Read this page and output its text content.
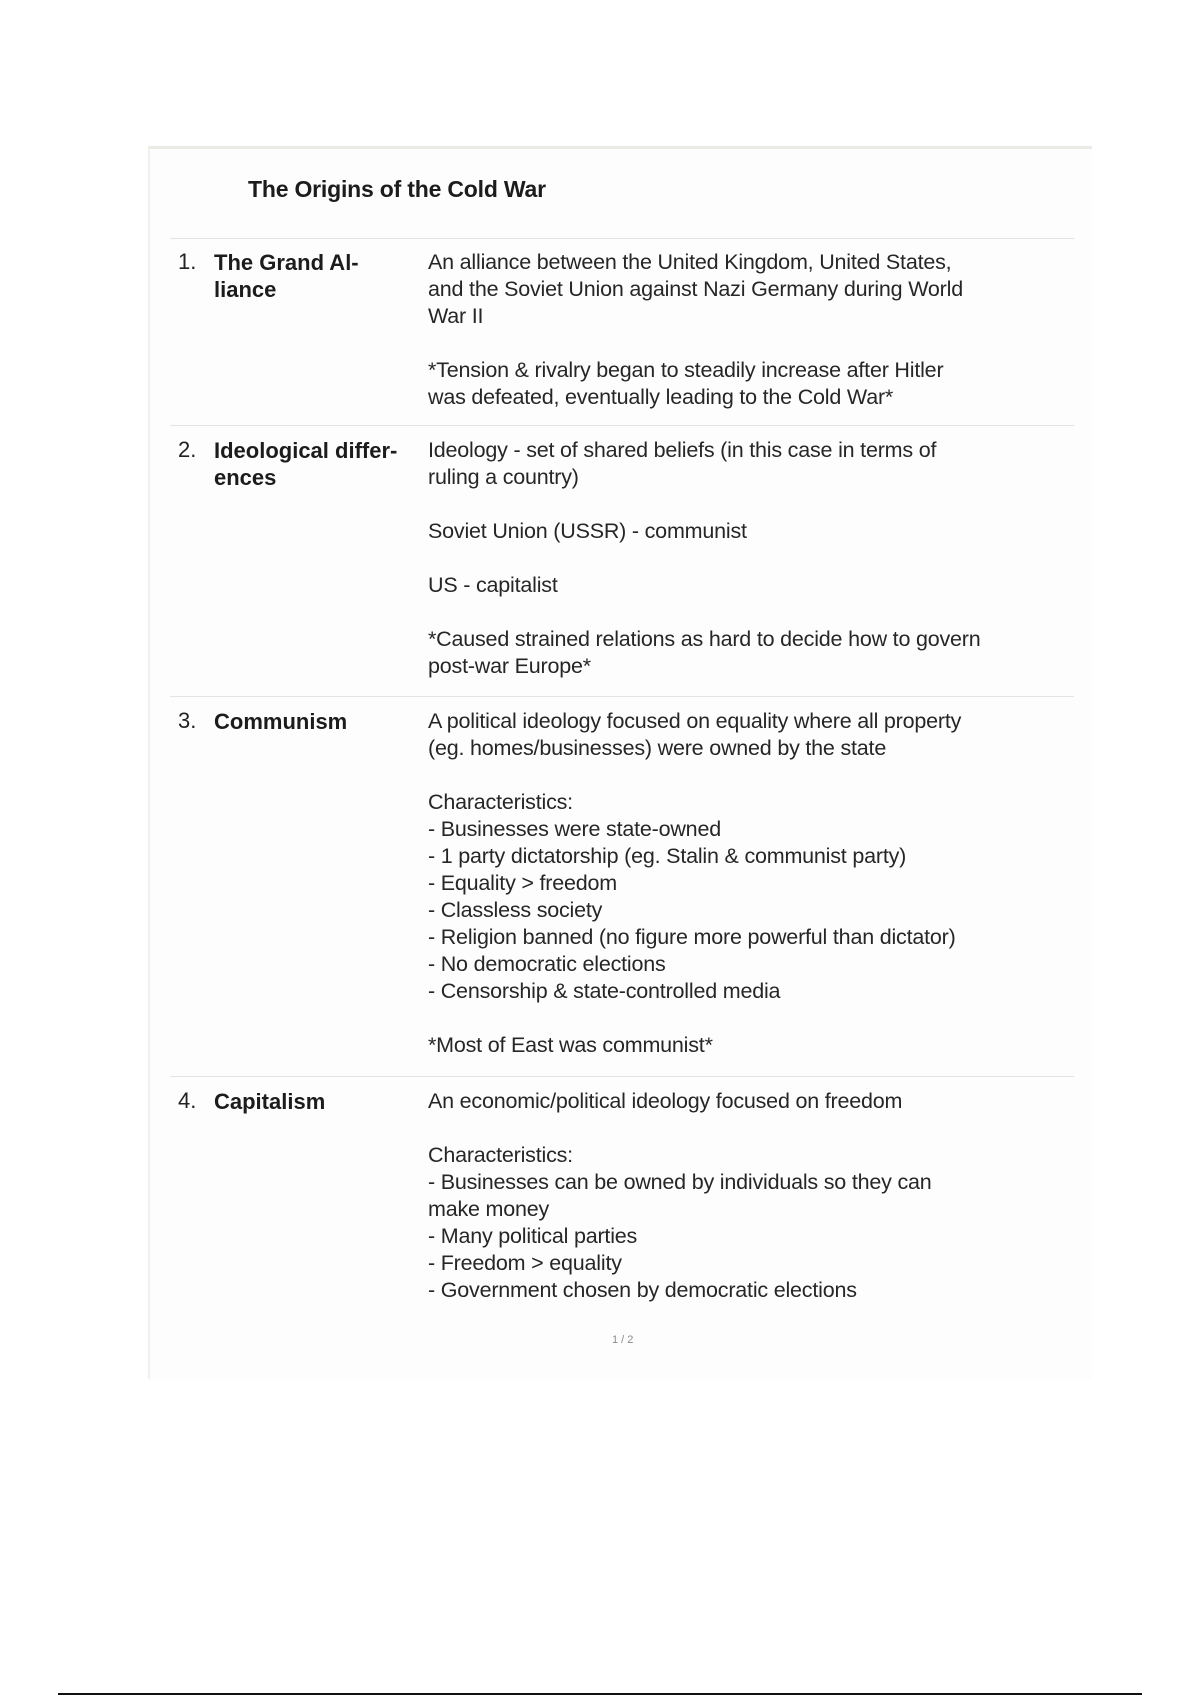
The Origins of the Cold War
1. The Grand Al- liance

An alliance between the United Kingdom, United States,
and the Soviet Union against Nazi Germany during World
War II

*Tension & rivalry began to steadily increase after Hitler
was defeated, eventually leading to the Cold War*

2. Ideological differ- ences

Ideology - set of shared beliefs (in this case in terms of
ruling a country)

Soviet Union (USSR) - communist

US - capitalist

*Caused strained relations as hard to decide how to govern
post-war Europe*

3. Communism	A political ideology focused on equality where all property
(eg. homes/businesses) were owned by the state

Characteristics:
- Businesses were state-owned
- 1 party dictatorship (eg. Stalin & communist party)
- Equality > freedom
- Classless society
- Religion banned (no figure more powerful than dictator)
- No democratic elections
- Censorship & state-controlled media

*Most of East was communist*

4. Capitalism	An economic/political ideology focused on freedom

Characteristics:
- Businesses can be owned by individuals so they can
make money
- Many political parties
- Freedom > equality
- Government chosen by democratic elections

1 / 2
